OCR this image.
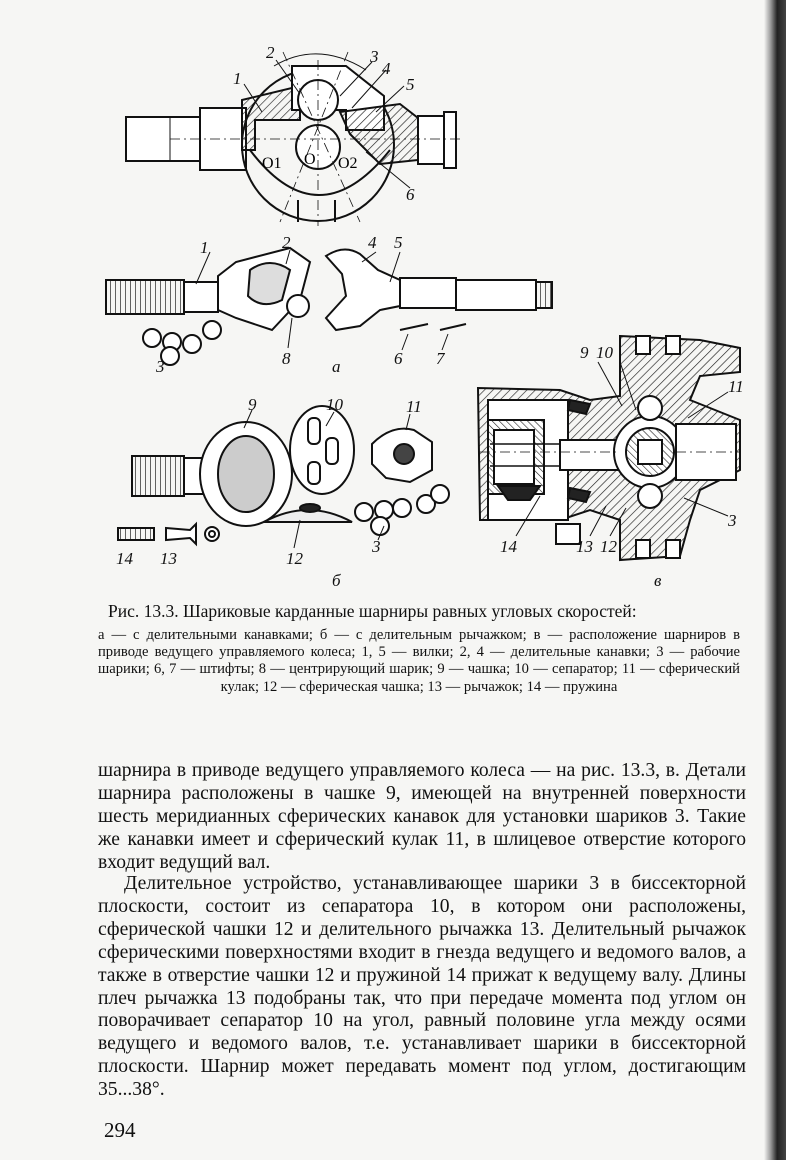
1
2	3
4
5
6
O1 O O2
1	2	4 5
3	8	6 7
а
9	10	11
3
12
14 13
б
9 10
11
14	13 12
3
в
Рис. 13.3. Шариковые карданные шарниры равных угловых скоростей:
а — с делительными канавками; б — с делительным рычажком; в — расположение шарниров в приводе ведущего управляемого колеса; 1, 5 — вилки; 2, 4 — делительные канавки; 3 — рабочие шарики; 6, 7 — штифты; 8 — центрирующий шарик; 9 — чашка; 10 — сепаратор; 11 — сферический кулак; 12 — сферическая чашка; 13 — рычажок; 14 — пружина
шарнира в приводе ведущего управляемого колеса — на рис. 13.3, в. Детали шарнира расположены в чашке 9, имеющей на внутренней поверхности шесть меридианных сферических канавок для установки шариков 3. Такие же канавки имеет и сферический кулак 11, в шлицевое отверстие которого входит ведущий вал.
Делительное устройство, устанавливающее шарики 3 в биссекторной плоскости, состоит из сепаратора 10, в котором они расположены, сферической чашки 12 и делительного рычажка 13. Делительный рычажок сферическими поверхностями входит в гнезда ведущего и ведомого валов, а также в отверстие чашки 12 и пружиной 14 прижат к ведущему валу. Длины плеч рычажка 13 подобраны так, что при передаче момента под углом он поворачивает сепаратор 10 на угол, равный половине угла между осями ведущего и ведомого валов, т.е. устанавливает шарики в биссекторной плоскости. Шарнир может передавать момент под углом, достигающим 35...38°.
294
